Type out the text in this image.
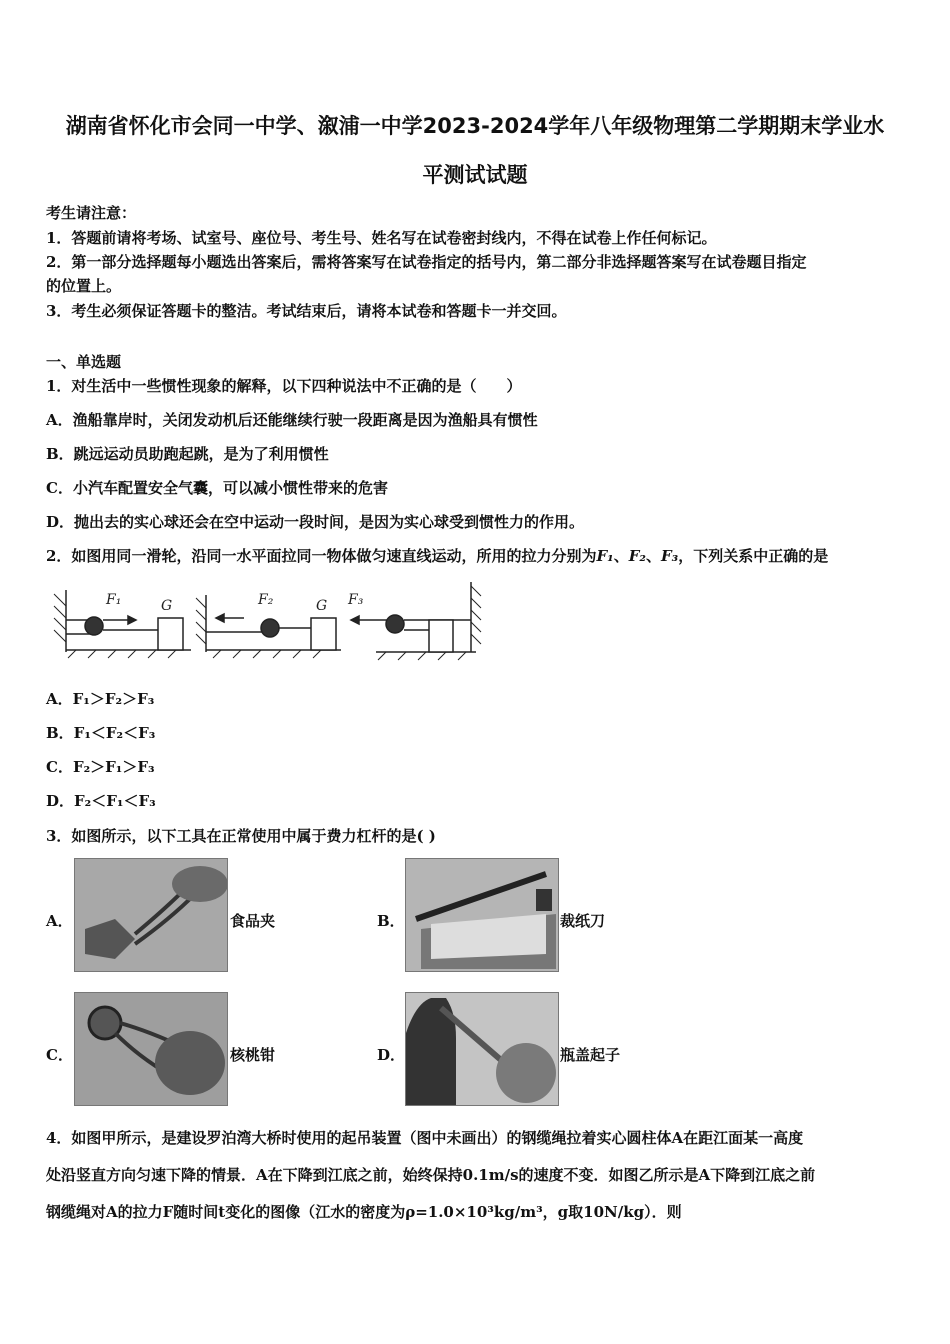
湖南省怀化市会同一中学、溆浦一中学2023-2024学年八年级物理第二学期期末学业水
平测试试题
考生请注意：
1．答题前请将考场、试室号、座位号、考生号、姓名写在试卷密封线内，不得在试卷上作任何标记。
2．第一部分选择题每小题选出答案后，需将答案写在试卷指定的括号内，第二部分非选择题答案写在试卷题目指定
的位置上。
3．考生必须保证答题卡的整洁。考试结束后，请将本试卷和答题卡一并交回。
一、单选题
1．对生活中一些惯性现象的解释，以下四种说法中不正确的是（　　）
A．渔船靠岸时，关闭发动机后还能继续行驶一段距离是因为渔船具有惯性
B．跳远运动员助跑起跳，是为了利用惯性
C．小汽车配置安全气囊，可以减小惯性带来的危害
D．抛出去的实心球还会在空中运动一段时间，是因为实心球受到惯性力的作用。
2．如图用同一滑轮，沿同一水平面拉同一物体做匀速直线运动，所用的拉力分别为F₁、F₂、F₃，下列关系中正确的是
F₁	G	F₂	G F₃
A．F₁＞F₂＞F₃
B．F₁＜F₂＜F₃
C．F₂＞F₁＞F₃
D．F₂＜F₁＜F₃
3．如图所示，以下工具在正常使用中属于费力杠杆的是( )
A．	食品夹	B．	裁纸刀
C．	核桃钳	D．	瓶盖起子
4．如图甲所示，是建设罗泊湾大桥时使用的起吊装置（图中未画出）的钢缆绳拉着实心圆柱体A在距江面某一高度
处沿竖直方向匀速下降的情景．A在下降到江底之前，始终保持0.1m/s的速度不变．如图乙所示是A下降到江底之前
钢缆绳对A的拉力F随时间t变化的图像（江水的密度为ρ=1.0×10³kg/m³，g取10N/kg）．则
